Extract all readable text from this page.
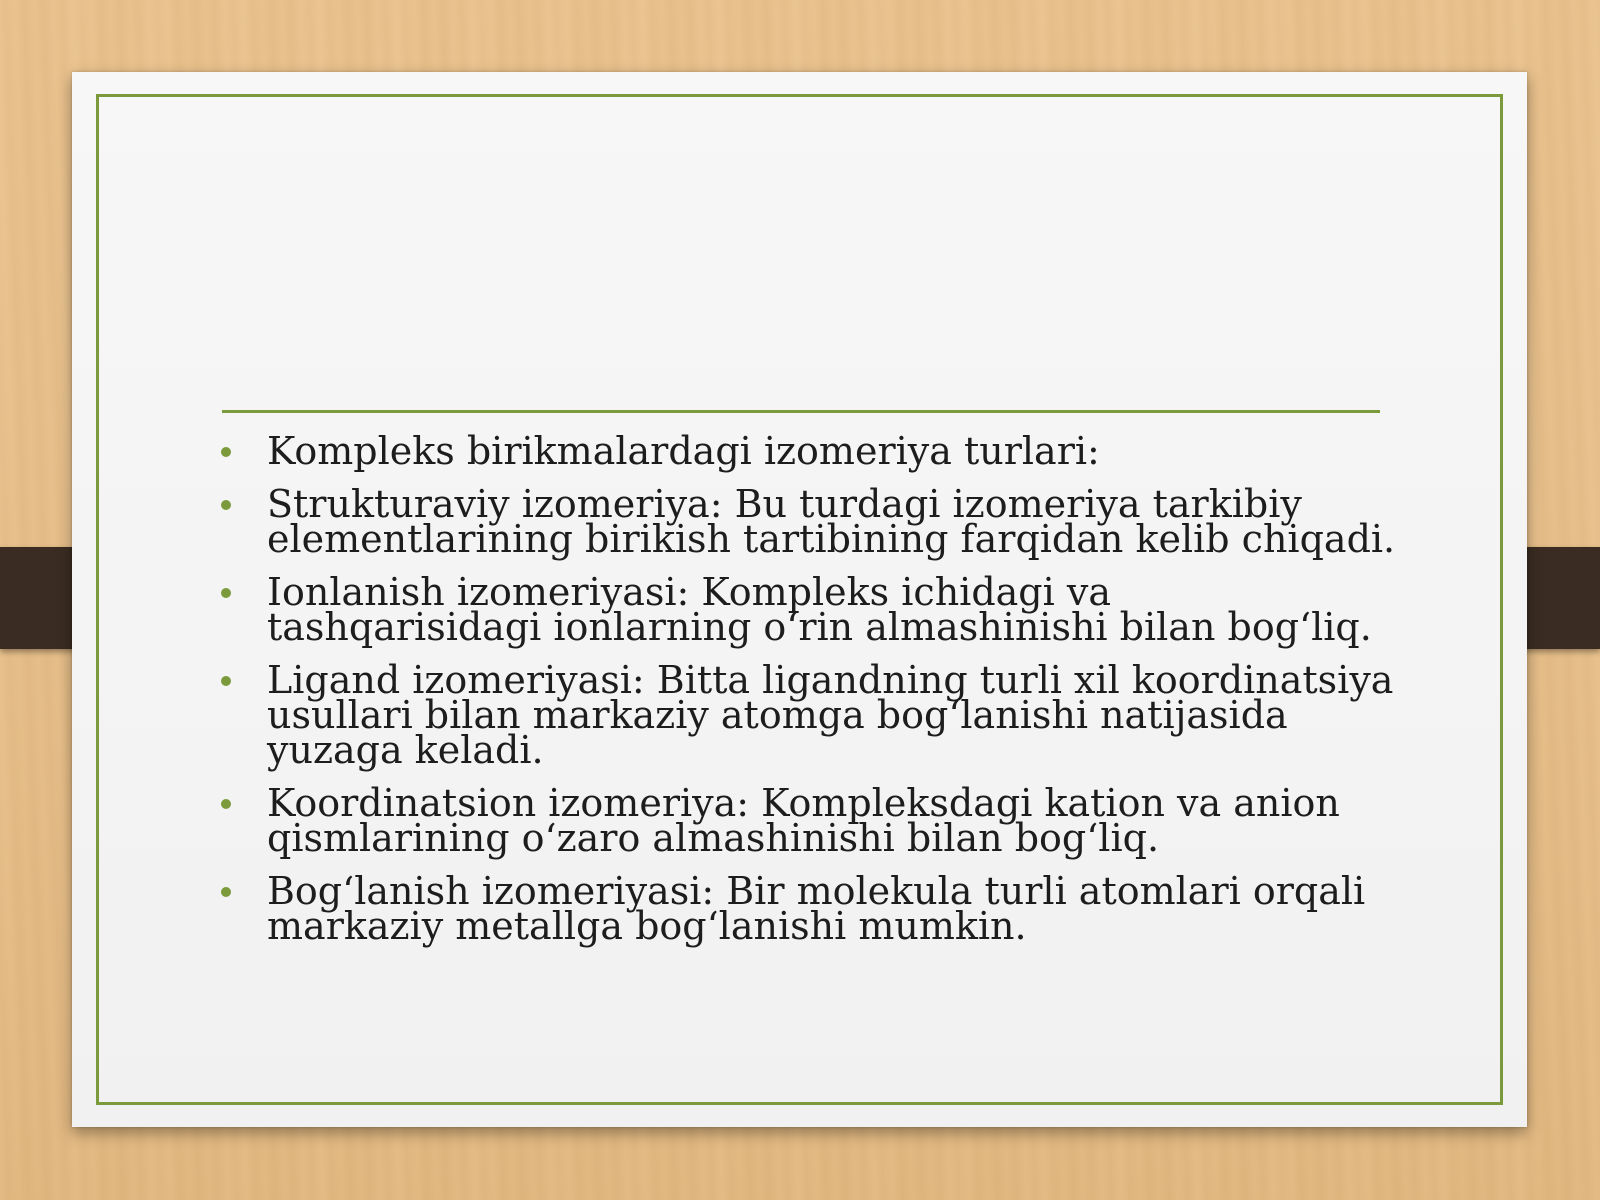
Kompleks birikmalardagi izomeriya turlari:
Strukturaviy izomeriya: Bu turdagi izomeriya tarkibiy elementlarining birikish tartibining farqidan kelib chiqadi.
Ionlanish izomeriyasi: Kompleks ichidagi va tashqarisidagi ionlarning o‘rin almashinishi bilan bog‘liq.
Ligand izomeriyasi: Bitta ligandning turli xil koordinatsiya usullari bilan markaziy atomga bog‘lanishi natijasida yuzaga keladi.
Koordinatsion izomeriya: Kompleksdagi kation va anion qismlarining o‘zaro almashinishi bilan bog‘liq.
Bog‘lanish izomeriyasi: Bir molekula turli atomlari orqali markaziy metallga bog‘lanishi mumkin.
